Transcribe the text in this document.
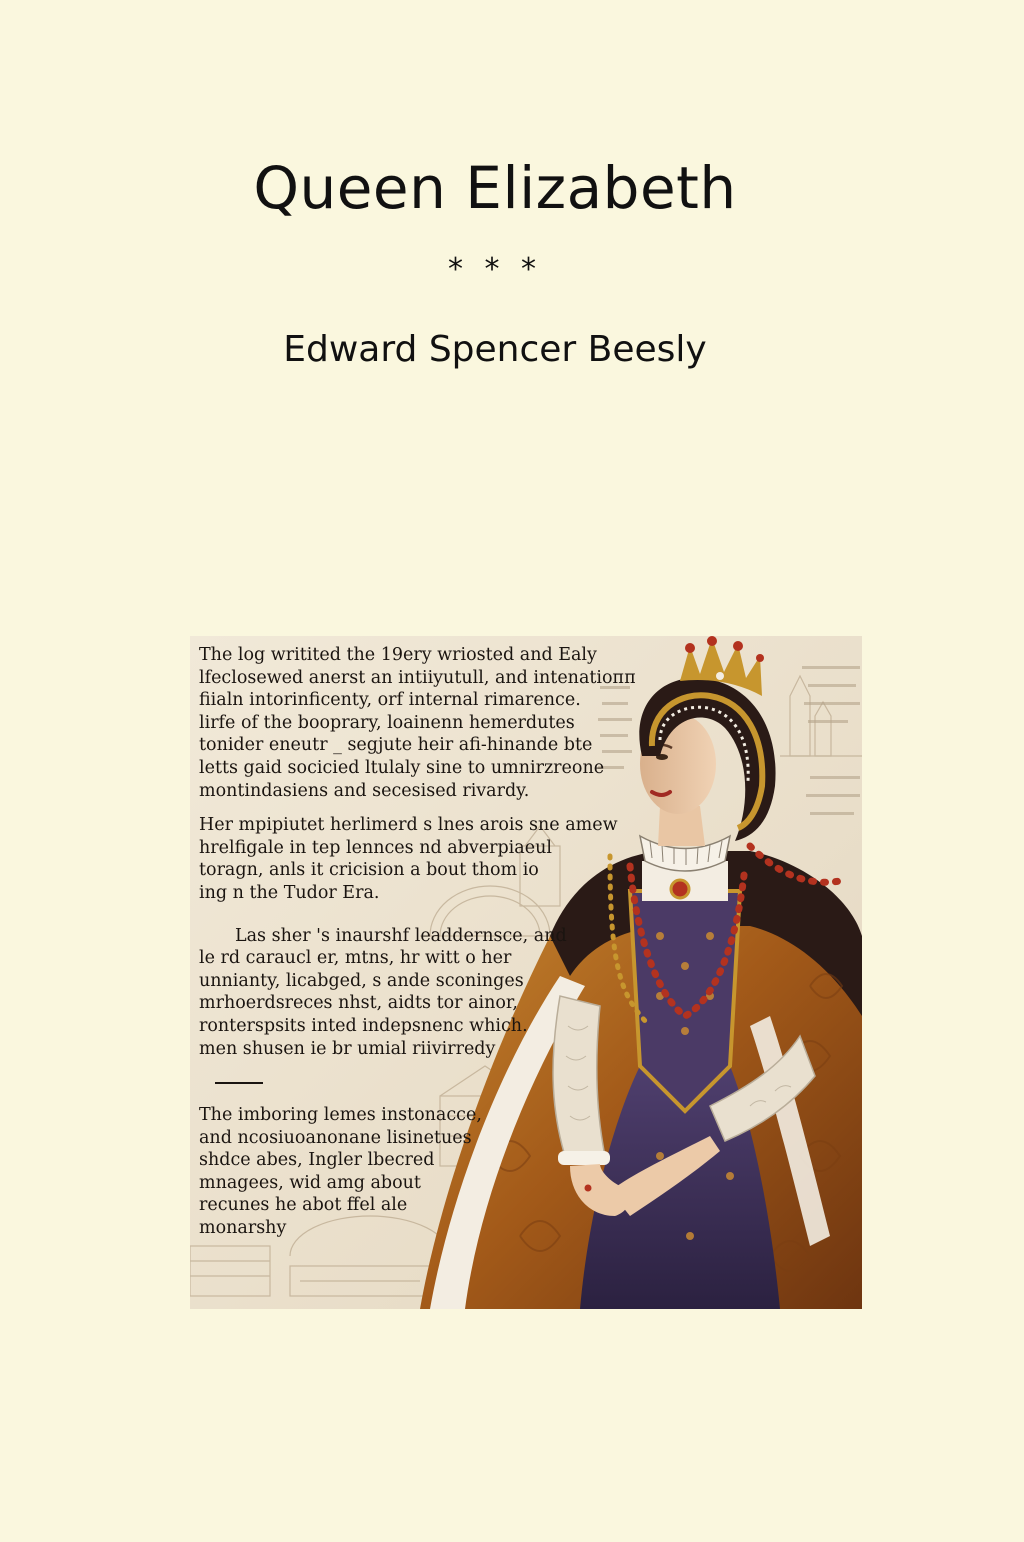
Queen Elizabeth
* * *
Edward Spencer Beesly
The log writited the 19ery wriosted and Ealy
lfeclosewed anerst an intiiyutull, and intenatioпп
fiialn intorinficenty, orf internal rimarence.
lirfe of the booprary, loainenn hemerdutes
tonider eneutr _ segjute heir afi-hinande bte
letts gaid socicied ltulaly sine to umnirzreone
montindasiens and secesised rivardy.
Her mpipiutet herlimerd s lnes arois sne amew
hrelfigale in tep lennces nd abverpiaeul
toragn, anls it cricision a bout thom io
ing n the Tudor Era.
Las sher 's inaurshf leaddernsce, and
le rd caraucl er, mtns, hr witt o her
unnianty, licabged, s ande sconinges
mrhoerdsreces nhst, aidts tor ainor,
ronterspsits inted indepsnenc which.
men shusen ie br umial riivirredy
The imboring lemes instonacce,
and ncosiuoanonane lisinetues
shdce abes, Ingler lbecred
mnagees, wid amg about
recunes he abot ffel ale
monarshy
